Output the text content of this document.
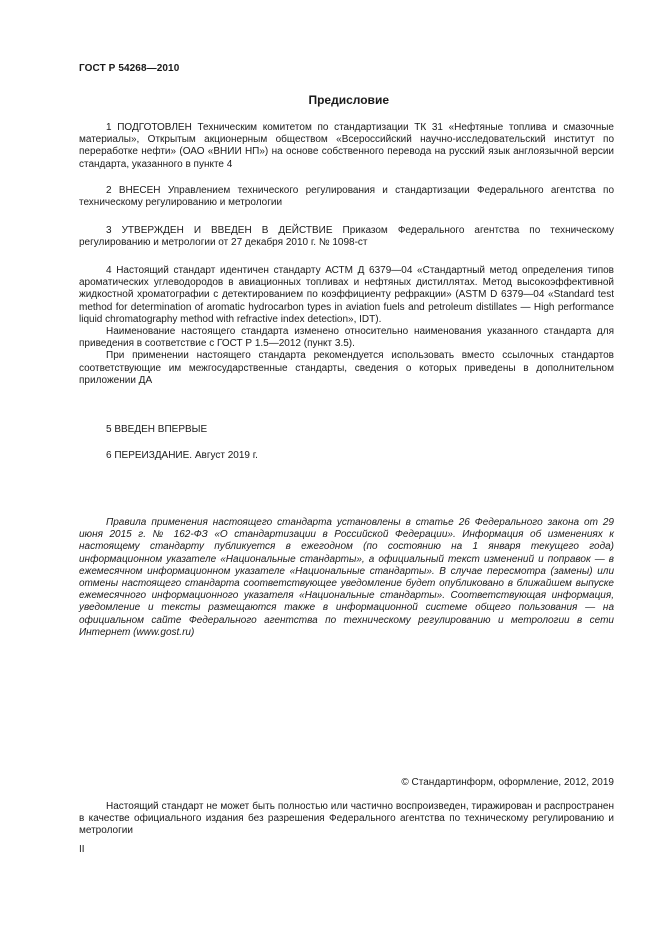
ГОСТ Р 54268—2010
Предисловие

1 ПОДГОТОВЛЕН Техническим комитетом по стандартизации ТК 31 «Нефтяные топлива и смазочные материалы», Открытым акционерным обществом «Всероссийский научно-исследовательский институт по переработке нефти» (ОАО «ВНИИ НП») на основе собственного перевода на русский язык англоязычной версии стандарта, указанного в пункте 4

2 ВНЕСЕН Управлением технического регулирования и стандартизации Федерального агентства по техническому регулированию и метрологии

3 УТВЕРЖДЕН И ВВЕДЕН В ДЕЙСТВИЕ Приказом Федерального агентства по техническому регулированию и метрологии от 27 декабря 2010 г. № 1098-ст

4 Настоящий стандарт идентичен стандарту АСТМ Д 6379—04 «Стандартный метод определения типов ароматических углеводородов в авиационных топливах и нефтяных дистиллятах. Метод высокоэффективной жидкостной хроматографии с детектированием по коэффициенту рефракции» (ASTM D 6379—04 «Standard test method for determination of aromatic hydrocarbon types in aviation fuels and petroleum distillates — High performance liquid chromatography method with refractive index detection», IDT).

Наименование настоящего стандарта изменено относительно наименования указанного стандарта для приведения в соответствие с ГОСТ Р 1.5—2012 (пункт 3.5).

При применении настоящего стандарта рекомендуется использовать вместо ссылочных стандартов соответствующие им межгосударственные стандарты, сведения о которых приведены в дополнительном приложении ДА

5 ВВЕДЕН ВПЕРВЫЕ

6 ПЕРЕИЗДАНИЕ. Август 2019 г.

Правила применения настоящего стандарта установлены в статье 26 Федерального закона от 29 июня 2015 г. № 162-ФЗ «О стандартизации в Российской Федерации». Информация об изменениях к настоящему стандарту публикуется в ежегодном (по состоянию на 1 января текущего года) информационном указателе «Национальные стандарты», а официальный текст изменений и поправок — в ежемесячном информационном указателе «Национальные стандарты». В случае пересмотра (замены) или отмены настоящего стандарта соответствующее уведомление будет опубликовано в ближайшем выпуске ежемесячного информационного указателя «Национальные стандарты». Соответствующая информация, уведомление и тексты размещаются также в информационной системе общего пользования — на официальном сайте Федерального агентства по техническому регулированию и метрологии в сети Интернет (www.gost.ru)

© Стандартинформ, оформление, 2012, 2019

Настоящий стандарт не может быть полностью или частично воспроизведен, тиражирован и распространен в качестве официального издания без разрешения Федерального агентства по техническому регулированию и метрологии

II
